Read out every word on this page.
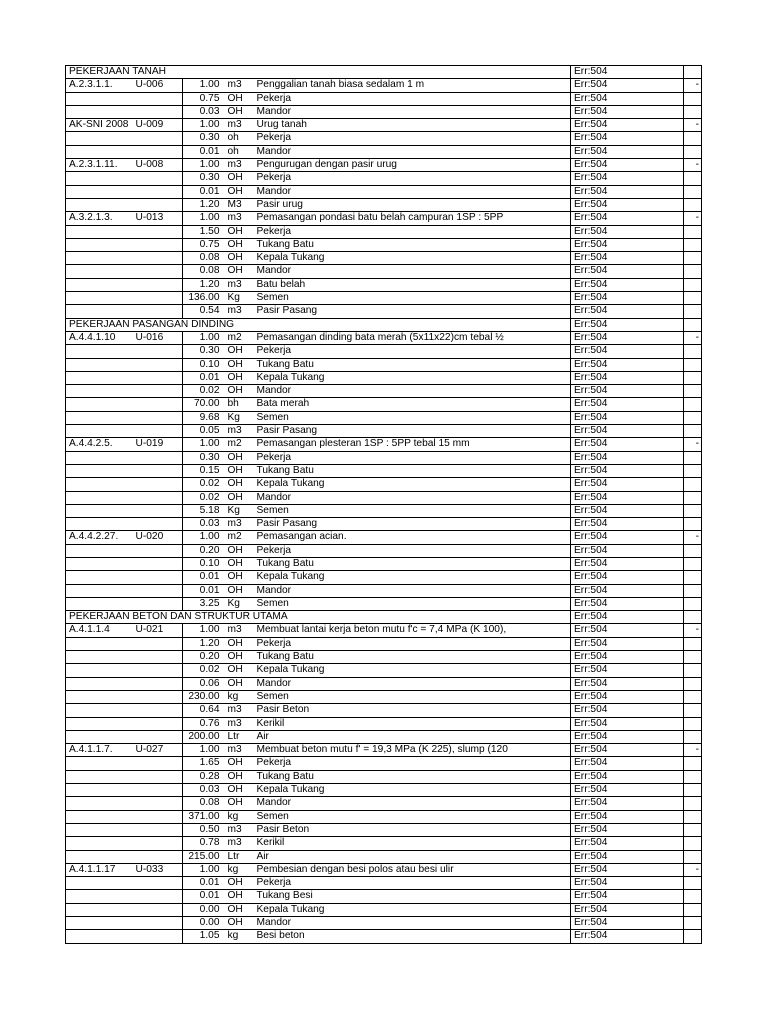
PEKERJAAN TANAH					Err:504	
A.2.3.1.1.	U-006	1.00	m3	Penggalian tanah biasa sedalam 1 m	Err:504	-
		0.75	OH	Pekerja	Err:504	
		0.03	OH	Mandor	Err:504	
AK-SNI 2008	U-009	1.00	m3	Urug tanah	Err:504	-
		0.30	oh	Pekerja	Err:504	
		0.01	oh	Mandor	Err:504	
A.2.3.1.11.	U-008	1.00	m3	Pengurugan dengan pasir urug	Err:504	-
		0.30	OH	Pekerja	Err:504	
		0.01	OH	Mandor	Err:504	
		1.20	M3	Pasir urug	Err:504	
A.3.2.1.3.	U-013	1.00	m3	Pemasangan pondasi batu belah campuran 1SP : 5PP	Err:504	-
		1.50	OH	Pekerja	Err:504	
		0.75	OH	Tukang Batu	Err:504	
		0.08	OH	Kepala Tukang	Err:504	
		0.08	OH	Mandor	Err:504	
		1.20	m3	Batu belah	Err:504	
		136.00	Kg	Semen	Err:504	
		0.54	m3	Pasir Pasang	Err:504	
PEKERJAAN PASANGAN DINDING					Err:504	
A.4.4.1.10	U-016	1.00	m2	Pemasangan dinding bata merah (5x11x22)cm tebal ½	Err:504	-
		0.30	OH	Pekerja	Err:504	
		0.10	OH	Tukang Batu	Err:504	
		0.01	OH	Kepala Tukang	Err:504	
		0.02	OH	Mandor	Err:504	
		70.00	bh	Bata merah	Err:504	
		9.68	Kg	Semen	Err:504	
		0.05	m3	Pasir Pasang	Err:504	
A.4.4.2.5.	U-019	1.00	m2	Pemasangan plesteran 1SP : 5PP tebal 15 mm	Err:504	-
		0.30	OH	Pekerja	Err:504	
		0.15	OH	Tukang Batu	Err:504	
		0.02	OH	Kepala Tukang	Err:504	
		0.02	OH	Mandor	Err:504	
		5.18	Kg	Semen	Err:504	
		0.03	m3	Pasir Pasang	Err:504	
A.4.4.2.27.	U-020	1.00	m2	Pemasangan acian.	Err:504	-
		0.20	OH	Pekerja	Err:504	
		0.10	OH	Tukang Batu	Err:504	
		0.01	OH	Kepala Tukang	Err:504	
		0.01	OH	Mandor	Err:504	
		3.25	Kg	Semen	Err:504	
PEKERJAAN BETON DAN STRUKTUR UTAMA					Err:504	
A.4.1.1.4	U-021	1.00	m3	Membuat lantai kerja beton mutu f'c = 7,4 MPa (K 100),	Err:504	-
		1.20	OH	Pekerja	Err:504	
		0.20	OH	Tukang Batu	Err:504	
		0.02	OH	Kepala Tukang	Err:504	
		0.06	OH	Mandor	Err:504	
		230.00	kg	Semen	Err:504	
		0.64	m3	Pasir Beton	Err:504	
		0.76	m3	Kerikil	Err:504	
		200.00	Ltr	Air	Err:504	
A.4.1.1.7.	U-027	1.00	m3	Membuat beton mutu f' = 19,3 MPa (K 225), slump (120	Err:504	-
		1.65	OH	Pekerja	Err:504	
		0.28	OH	Tukang Batu	Err:504	
		0.03	OH	Kepala Tukang	Err:504	
		0.08	OH	Mandor	Err:504	
		371.00	kg	Semen	Err:504	
		0.50	m3	Pasir Beton	Err:504	
		0.78	m3	Kerikil	Err:504	
		215.00	Ltr	Air	Err:504	
A.4.1.1.17	U-033	1.00	kg	Pembesian dengan besi polos atau besi ulir	Err:504	-
		0.01	OH	Pekerja	Err:504	
		0.01	OH	Tukang Besi	Err:504	
		0.00	OH	Kepala Tukang	Err:504	
		0.00	OH	Mandor	Err:504	
		1.05	kg	Besi beton	Err:504	
